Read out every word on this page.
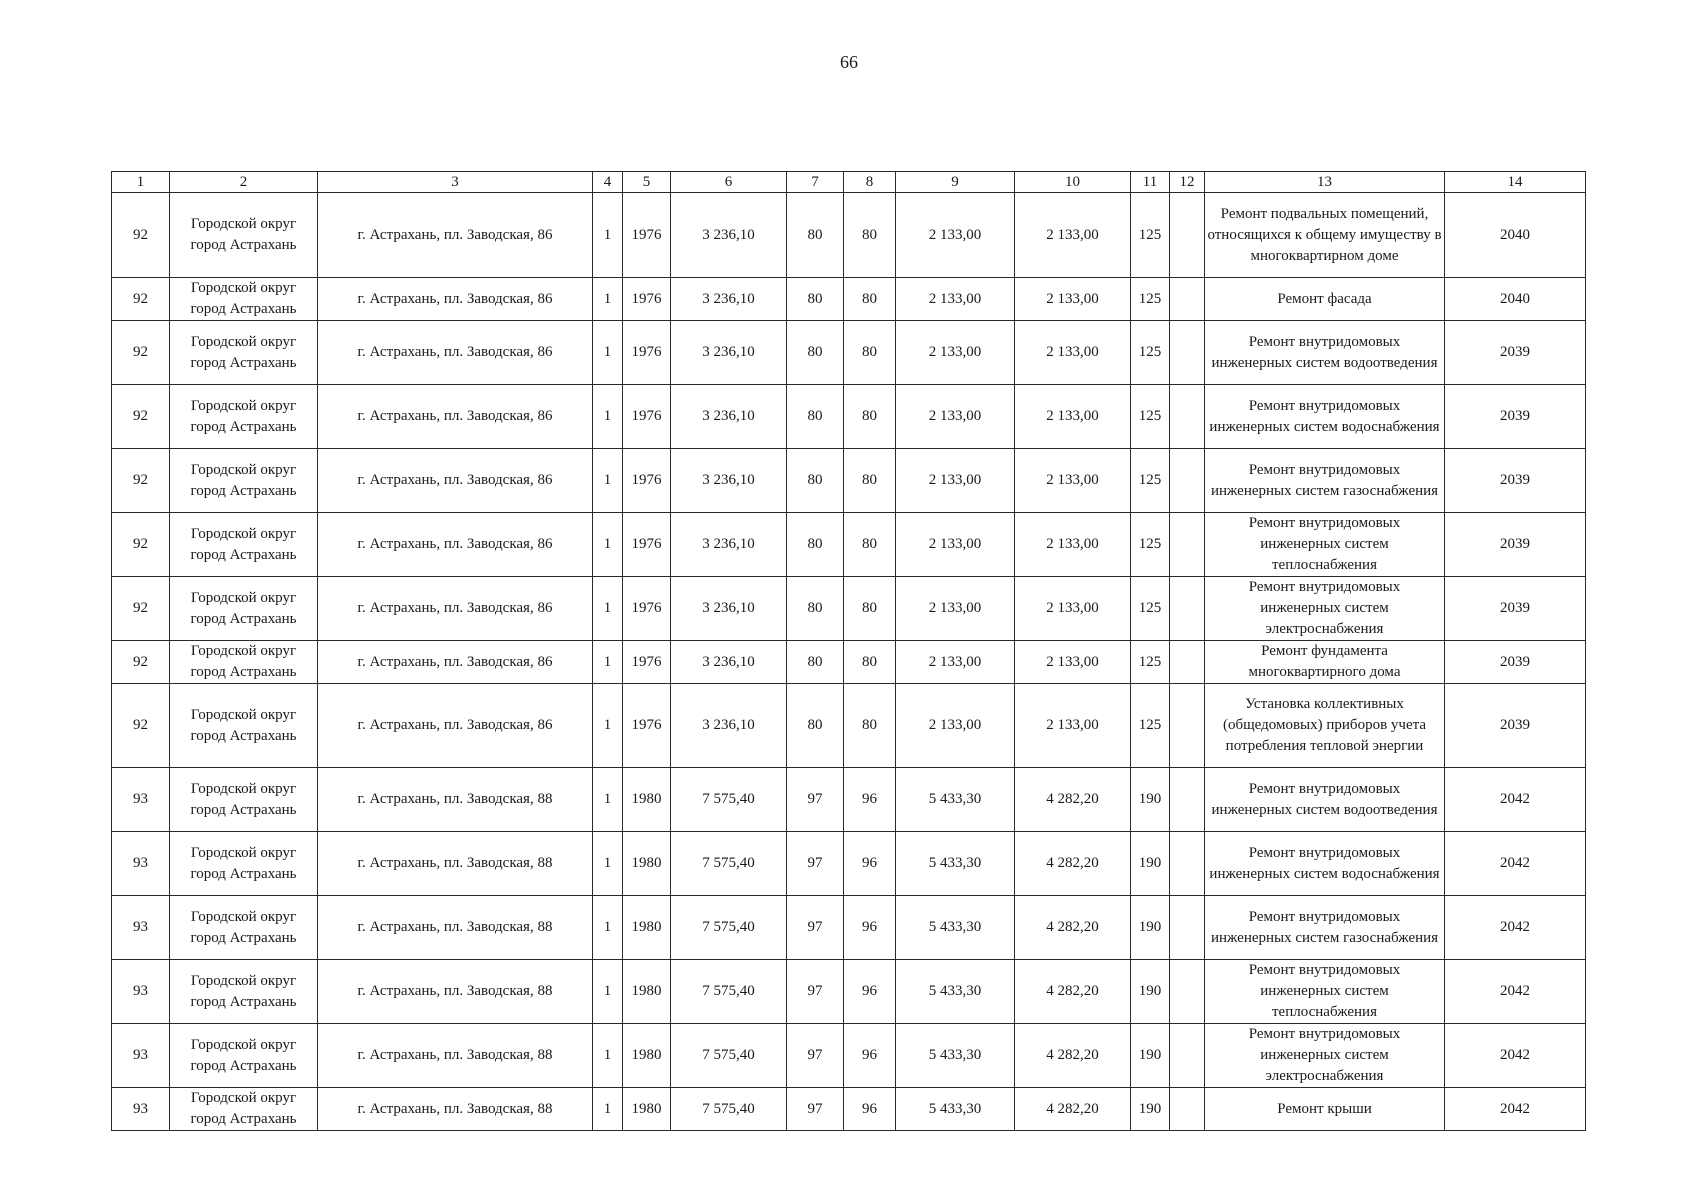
66
1	2	3	4	5	6	7	8	9	10	11	12	13	14
92	Городской округ город Астрахань	г. Астрахань, пл. Заводская, 86	1	1976	3 236,10	80	80	2 133,00	2 133,00	125		Ремонт подвальных помещений, относящихся к общему имуществу в многоквартирном доме	2040
92	Городской округ город Астрахань	г. Астрахань, пл. Заводская, 86	1	1976	3 236,10	80	80	2 133,00	2 133,00	125		Ремонт фасада	2040
92	Городской округ город Астрахань	г. Астрахань, пл. Заводская, 86	1	1976	3 236,10	80	80	2 133,00	2 133,00	125		Ремонт внутридомовых инженерных систем водоотведения	2039
92	Городской округ город Астрахань	г. Астрахань, пл. Заводская, 86	1	1976	3 236,10	80	80	2 133,00	2 133,00	125		Ремонт внутридомовых инженерных систем водоснабжения	2039
92	Городской округ город Астрахань	г. Астрахань, пл. Заводская, 86	1	1976	3 236,10	80	80	2 133,00	2 133,00	125		Ремонт внутридомовых инженерных систем газоснабжения	2039
92	Городской округ город Астрахань	г. Астрахань, пл. Заводская, 86	1	1976	3 236,10	80	80	2 133,00	2 133,00	125		Ремонт внутридомовых инженерных систем теплоснабжения	2039
92	Городской округ город Астрахань	г. Астрахань, пл. Заводская, 86	1	1976	3 236,10	80	80	2 133,00	2 133,00	125		Ремонт внутридомовых инженерных систем электроснабжения	2039
92	Городской округ город Астрахань	г. Астрахань, пл. Заводская, 86	1	1976	3 236,10	80	80	2 133,00	2 133,00	125		Ремонт фундамента многоквартирного дома	2039
92	Городской округ город Астрахань	г. Астрахань, пл. Заводская, 86	1	1976	3 236,10	80	80	2 133,00	2 133,00	125		Установка коллективных (общедомовых) приборов учета потребления тепловой энергии	2039
93	Городской округ город Астрахань	г. Астрахань, пл. Заводская, 88	1	1980	7 575,40	97	96	5 433,30	4 282,20	190		Ремонт внутридомовых инженерных систем водоотведения	2042
93	Городской округ город Астрахань	г. Астрахань, пл. Заводская, 88	1	1980	7 575,40	97	96	5 433,30	4 282,20	190		Ремонт внутридомовых инженерных систем водоснабжения	2042
93	Городской округ город Астрахань	г. Астрахань, пл. Заводская, 88	1	1980	7 575,40	97	96	5 433,30	4 282,20	190		Ремонт внутридомовых инженерных систем газоснабжения	2042
93	Городской округ город Астрахань	г. Астрахань, пл. Заводская, 88	1	1980	7 575,40	97	96	5 433,30	4 282,20	190		Ремонт внутридомовых инженерных систем теплоснабжения	2042
93	Городской округ город Астрахань	г. Астрахань, пл. Заводская, 88	1	1980	7 575,40	97	96	5 433,30	4 282,20	190		Ремонт внутридомовых инженерных систем электроснабжения	2042
93	Городской округ город Астрахань	г. Астрахань, пл. Заводская, 88	1	1980	7 575,40	97	96	5 433,30	4 282,20	190		Ремонт крыши	2042
